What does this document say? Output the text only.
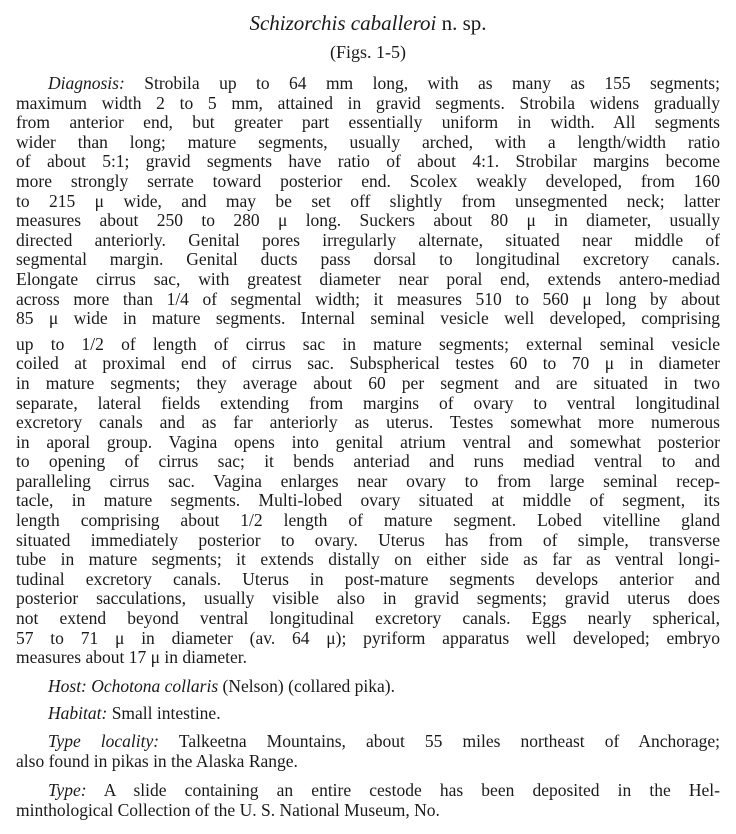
Schizorchis caballeroi n. sp.
(Figs. 1-5)
Diagnosis: Strobila up to 64 mm long, with as many as 155 segments;
maximum width 2 to 5 mm, attained in gravid segments. Strobila widens gradually
from anterior end, but greater part essentially uniform in width. All segments
wider than long; mature segments, usually arched, with a length/width ratio
of about 5:1; gravid segments have ratio of about 4:1. Strobilar margins become
more strongly serrate toward posterior end. Scolex weakly developed, from 160
to 215 μ wide, and may be set off slightly from unsegmented neck; latter
measures about 250 to 280 μ long. Suckers about 80 μ in diameter, usually
directed anteriorly. Genital pores irregularly alternate, situated near middle of
segmental margin. Genital ducts pass dorsal to longitudinal excretory canals.
Elongate cirrus sac, with greatest diameter near poral end, extends antero-mediad
across more than 1/4 of segmental width; it measures 510 to 560 μ long by about
85 μ wide in mature segments. Internal seminal vesicle well developed, comprising
up to 1/2 of length of cirrus sac in mature segments; external seminal vesicle
coiled at proximal end of cirrus sac. Subspherical testes 60 to 70 μ in diameter
in mature segments; they average about 60 per segment and are situated in two
separate, lateral fields extending from margins of ovary to ventral longitudinal
excretory canals and as far anteriorly as uterus. Testes somewhat more numerous
in aporal group. Vagina opens into genital atrium ventral and somewhat posterior
to opening of cirrus sac; it bends anteriad and runs mediad ventral to and
paralleling cirrus sac. Vagina enlarges near ovary to from large seminal recep-
tacle, in mature segments. Multi-lobed ovary situated at middle of segment, its
length comprising about 1/2 length of mature segment. Lobed vitelline gland
situated immediately posterior to ovary. Uterus has from of simple, transverse
tube in mature segments; it extends distally on either side as far as ventral longi-
tudinal excretory canals. Uterus in post-mature segments develops anterior and
posterior sacculations, usually visible also in gravid segments; gravid uterus does
not extend beyond ventral longitudinal excretory canals. Eggs nearly spherical,
57 to 71 μ in diameter (av. 64 μ); pyriform apparatus well developed; embryo
measures about 17 μ in diameter.
Host: Ochotona collaris (Nelson) (collared pika).
Habitat: Small intestine.
Type locality: Talkeetna Mountains, about 55 miles northeast of Anchorage;
also found in pikas in the Alaska Range.
Type: A slide containing an entire cestode has been deposited in the Hel-
minthological Collection of the U. S. National Museum, No.
